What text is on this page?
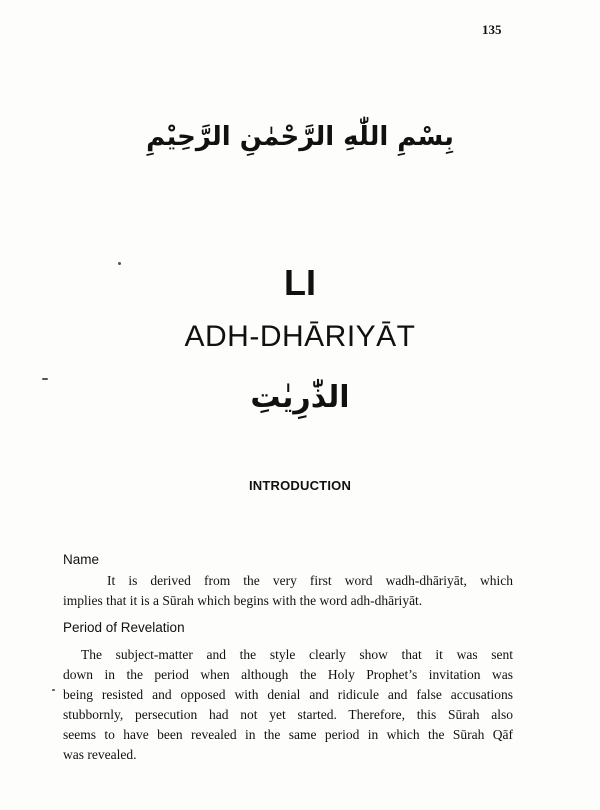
135
بِسْمِ اللّٰهِ الرَّحْمٰنِ الرَّحِيْمِ
LI
ADH-DHĀRIYĀT
الذّٰرِيٰتِ
INTRODUCTION
Name
It is derived from the very first word wadh-dhāriyāt, which
implies that it is a Sūrah which begins with the word adh-dhāriyāt.
Period of Revelation
The subject-matter and the style clearly show that it was sent
down in the period when although the Holy Prophet’s invitation was
being resisted and opposed with denial and ridicule and false accusations
stubbornly, persecution had not yet started. Therefore, this Sūrah also
seems to have been revealed in the same period in which the Sūrah Qāf
was revealed.
